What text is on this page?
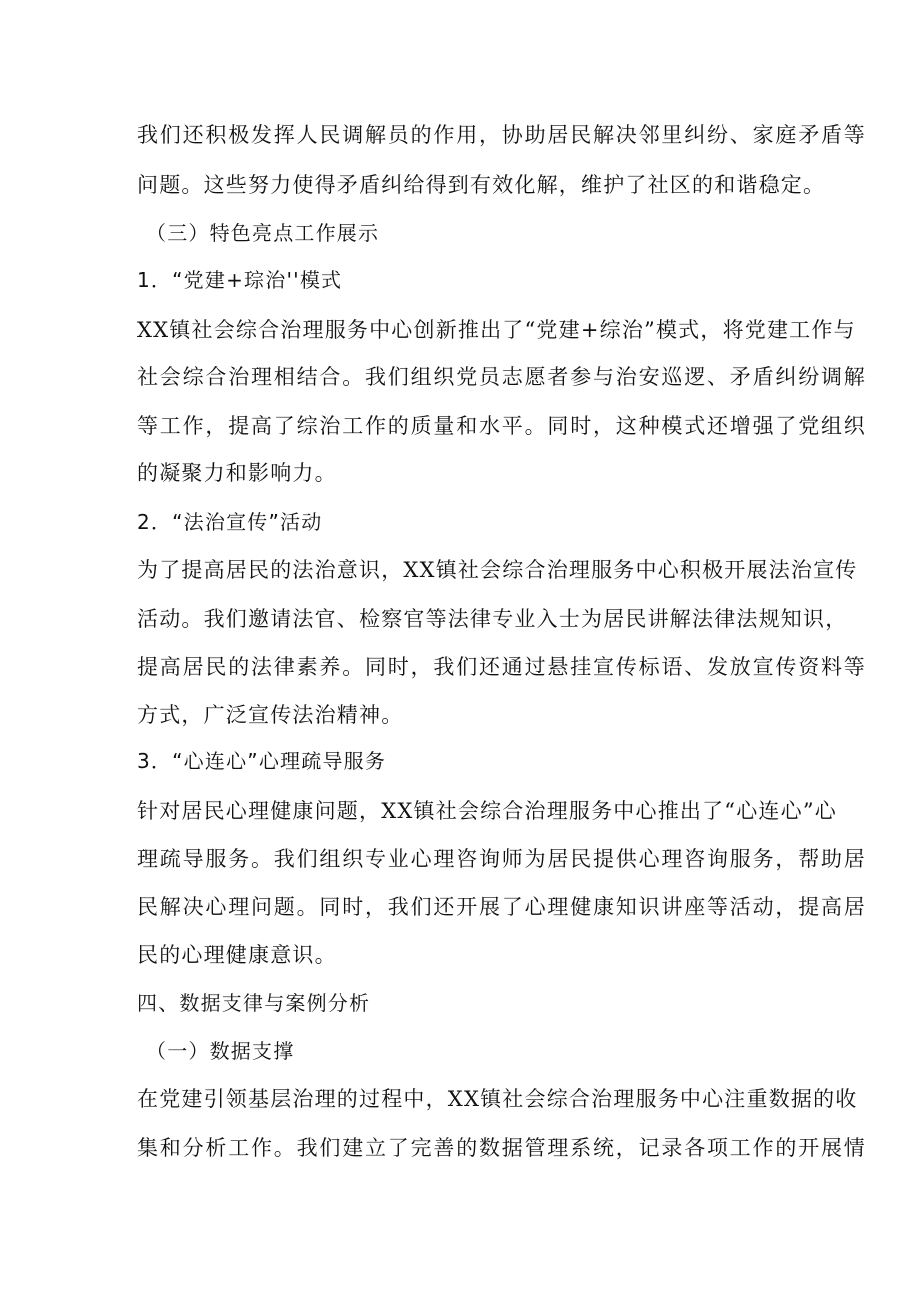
我们还积极发挥人民调解员的作用，协助居民解决邻里纠纷、家庭矛盾等
问题。这些努力使得矛盾纠给得到有效化解，维护了社区的和谐稳定。
（三）特色亮点工作展示
1．“党建+琮治''模式
XX镇社会综合治理服务中心创新推出了“党建+综治”模式，将党建工作与
社会综合治理相结合。我们组织党员志愿者参与治安巡逻、矛盾纠纷调解
等工作，提高了综治工作的质量和水平。同时，这种模式还增强了党组织
的凝聚力和影响力。
2．“法治宣传”活动
为了提高居民的法治意识，XX镇社会综合治理服务中心积极开展法治宣传
活动。我们邀请法官、检察官等法律专业入士为居民讲解法律法规知识，
提高居民的法律素养。同时，我们还通过悬挂宣传标语、发放宣传资料等
方式，广泛宣传法治精神。
3．“心连心”心理疏导服务
针对居民心理健康问题，XX镇社会综合治理服务中心推出了“心连心”心
理疏导服务。我们组织专业心理咨询师为居民提供心理咨询服务，帮助居
民解决心理问题。同时，我们还开展了心理健康知识讲座等活动，提高居
民的心理健康意识。
四、数据支律与案例分析
（一）数据支撑
在党建引领基层治理的过程中，XX镇社会综合治理服务中心注重数据的收
集和分析工作。我们建立了完善的数据管理系统，记录各项工作的开展情
